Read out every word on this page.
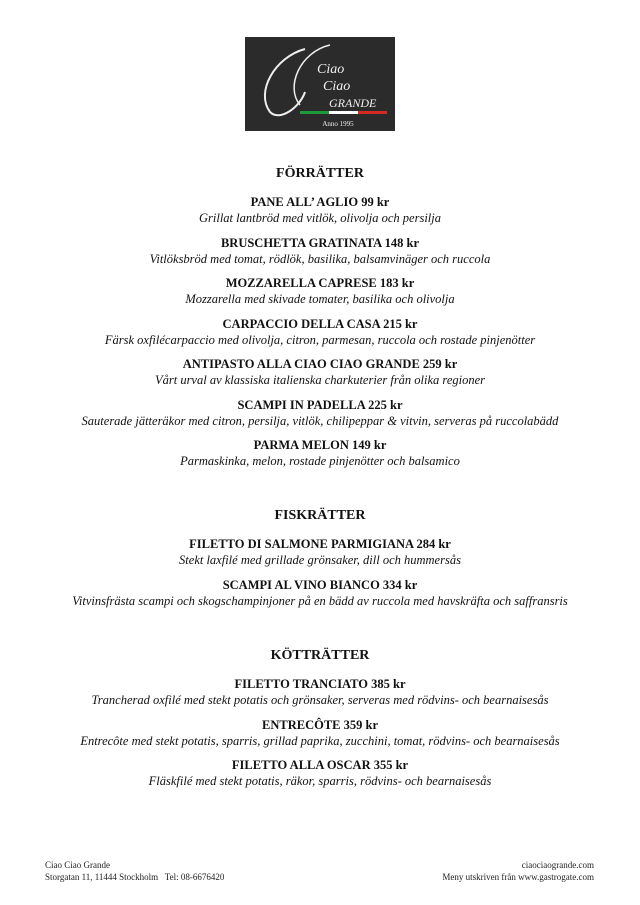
Ciao
Ciao
GRANDE
Anno 1995
FÖRRÄTTER
PANE ALL’ AGLIO 99 kr
Grillat lantbröd med vitlök, olivolja och persilja
BRUSCHETTA GRATINATA 148 kr
Vitlöksbröd med tomat, rödlök, basilika, balsamvinäger och ruccola
MOZZARELLA CAPRESE 183 kr
Mozzarella med skivade tomater, basilika och olivolja
CARPACCIO DELLA CASA 215 kr
Färsk oxfilécarpaccio med olivolja, citron, parmesan, ruccola och rostade pinjenötter
ANTIPASTO ALLA CIAO CIAO GRANDE 259 kr
Vårt urval av klassiska italienska charkuterier från olika regioner
SCAMPI IN PADELLA 225 kr
Sauterade jätteräkor med citron, persilja, vitlök, chilipeppar & vitvin, serveras på ruccolabädd
PARMA MELON 149 kr
Parmaskinka, melon, rostade pinjenötter och balsamico
FISKRÄTTER
FILETTO DI SALMONE PARMIGIANA 284 kr
Stekt laxfilé med grillade grönsaker, dill och hummersås
SCAMPI AL VINO BIANCO 334 kr
Vitvinsfrästa scampi och skogschampinjoner på en bädd av ruccola med havskräfta och saffransris
KÖTTRÄTTER
FILETTO TRANCIATO 385 kr
Trancherad oxfilé med stekt potatis och grönsaker, serveras med rödvins- och bearnaisesås
ENTRECÔTE 359 kr
Entrecôte med stekt potatis, sparris, grillad paprika, zucchini, tomat, rödvins- och bearnaisesås
FILETTO ALLA OSCAR 355 kr
Fläskfilé med stekt potatis, räkor, sparris, rödvins- och bearnaisesås
Ciao Ciao Grande
Storgatan 11, 11444 Stockholm   Tel: 08-6676420
ciaociaogrande.com
Meny utskriven från www.gastrogate.com
